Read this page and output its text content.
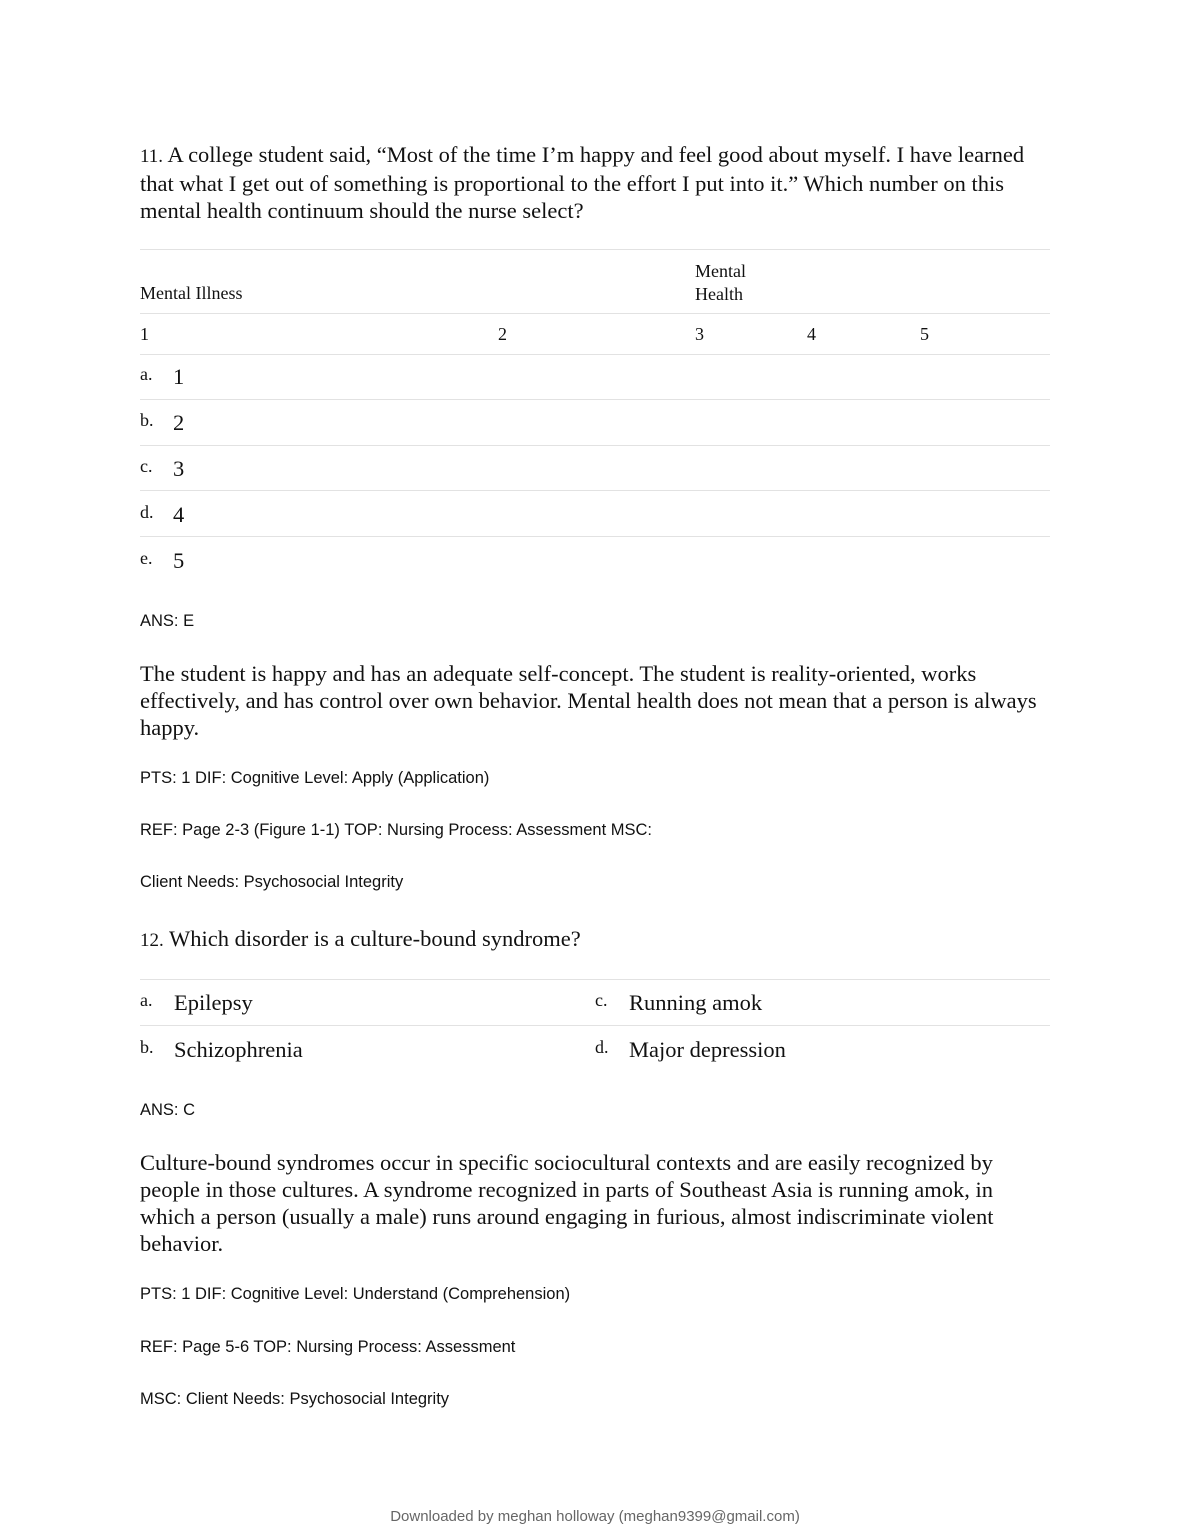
11. A college student said, “Most of the time I’m happy and feel good about myself. I have learned that what I get out of something is proportional to the effort I put into it.” Which number on this mental health continuum should the nurse select?
Mental Illness
Mental
Health
1	2	3	4	5
a. 1
b. 2
c. 3
d. 4
e. 5
ANS: E
The student is happy and has an adequate self-concept. The student is reality-oriented, works effectively, and has control over own behavior. Mental health does not mean that a person is always happy.
PTS: 1 DIF: Cognitive Level: Apply (Application)
REF: Page 2-3 (Figure 1-1) TOP: Nursing Process: Assessment MSC:
Client Needs: Psychosocial Integrity
12. Which disorder is a culture-bound syndrome?
a. Epilepsy	c. Running amok
b. Schizophrenia	d. Major depression
ANS: C
Culture-bound syndromes occur in specific sociocultural contexts and are easily recognized by people in those cultures. A syndrome recognized in parts of Southeast Asia is running amok, in which a person (usually a male) runs around engaging in furious, almost indiscriminate violent behavior.
PTS: 1 DIF: Cognitive Level: Understand (Comprehension)
REF: Page 5-6 TOP: Nursing Process: Assessment
MSC: Client Needs: Psychosocial Integrity
Downloaded by meghan holloway (meghan9399@gmail.com)
